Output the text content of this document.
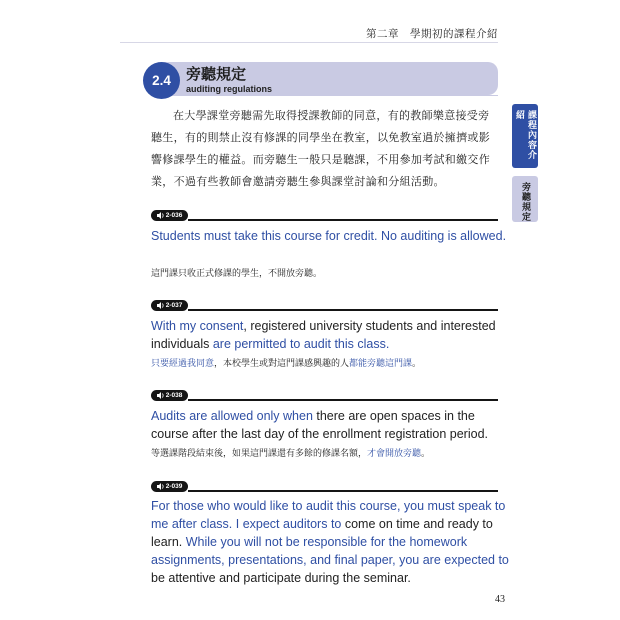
第二章　學期初的課程介紹
2.4	旁聽規定
auditing regulations
課程內容介紹
旁聽規定
在大學課堂旁聽需先取得授課教師的同意，有的教師樂意接受旁聽生，有的則禁止沒有修課的同學坐在教室，以免教室過於擁擠或影響修課學生的權益。而旁聽生一般只是聽課，不用參加考試和繳交作業，不過有些教師會邀請旁聽生參與課堂討論和分組活動。
2-036
Students must take this course for credit. No auditing is allowed.
這門課只收正式修課的學生，不開放旁聽。
2-037
With my consent, registered university students and interested individuals are permitted to audit this class.
只要經過我同意，本校學生或對這門課感興趣的人都能旁聽這門課。
2-038
Audits are allowed only when there are open spaces in the course after the last day of the enrollment registration period.
等選課階段結束後，如果這門課還有多餘的修課名額，才會開放旁聽。
2-039
For those who would like to audit this course, you must speak to me after class. I expect auditors to come on time and ready to learn. While you will not be responsible for the homework assignments, presentations, and final paper, you are expected to be attentive and participate during the seminar.
43
